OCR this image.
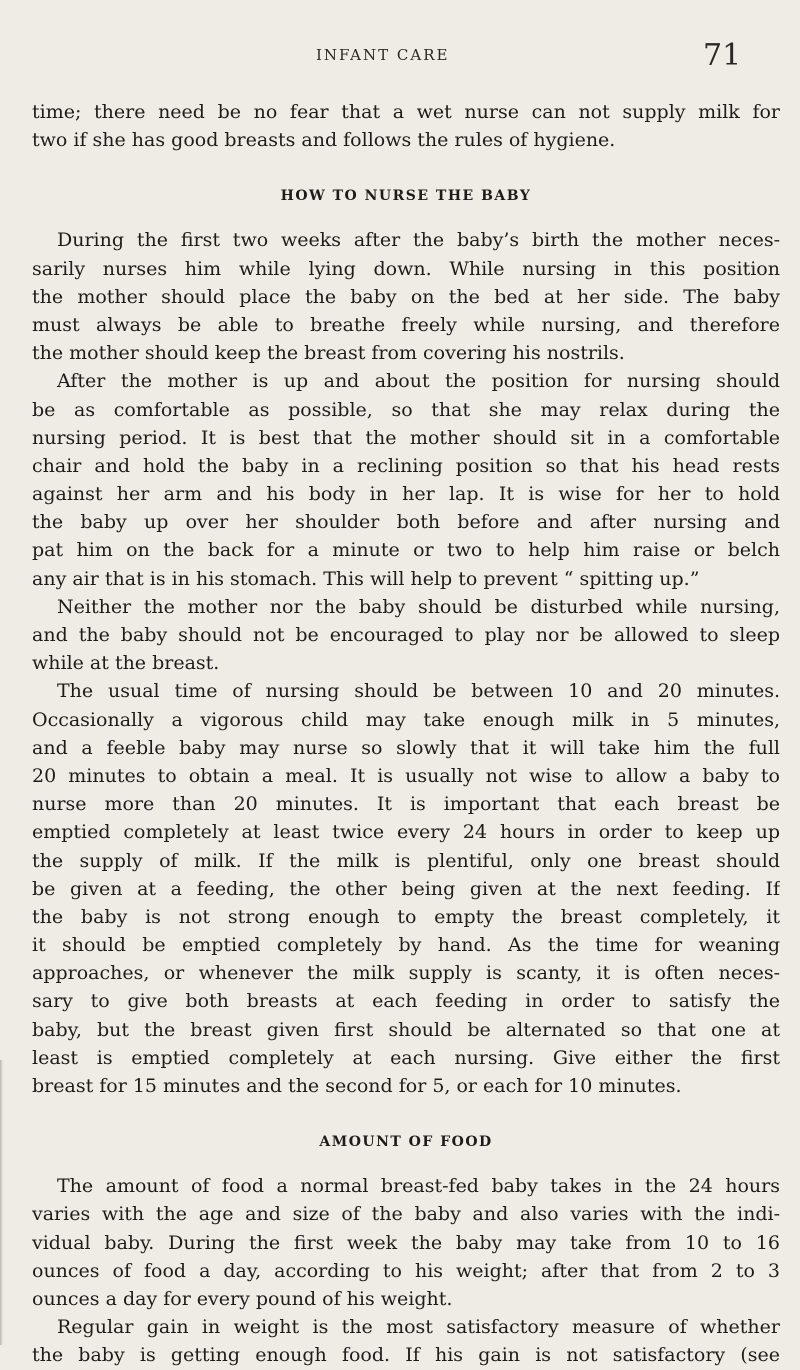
INFANT CARE	71
time; there need be no fear that a wet nurse can not supply milk for
two if she has good breasts and follows the rules of hygiene.
HOW TO NURSE THE BABY
During the first two weeks after the baby’s birth the mother neces-
sarily nurses him while lying down. While nursing in this position
the mother should place the baby on the bed at her side. The baby
must always be able to breathe freely while nursing, and therefore
the mother should keep the breast from covering his nostrils.
After the mother is up and about the position for nursing should
be as comfortable as possible, so that she may relax during the
nursing period. It is best that the mother should sit in a comfortable
chair and hold the baby in a reclining position so that his head rests
against her arm and his body in her lap. It is wise for her to hold
the baby up over her shoulder both before and after nursing and
pat him on the back for a minute or two to help him raise or belch
any air that is in his stomach. This will help to prevent “ spitting up.”
Neither the mother nor the baby should be disturbed while nursing,
and the baby should not be encouraged to play nor be allowed to sleep
while at the breast.
The usual time of nursing should be between 10 and 20 minutes.
Occasionally a vigorous child may take enough milk in 5 minutes,
and a feeble baby may nurse so slowly that it will take him the full
20 minutes to obtain a meal. It is usually not wise to allow a baby to
nurse more than 20 minutes. It is important that each breast be
emptied completely at least twice every 24 hours in order to keep up
the supply of milk. If the milk is plentiful, only one breast should
be given at a feeding, the other being given at the next feeding. If
the baby is not strong enough to empty the breast completely, it
it should be emptied completely by hand. As the time for weaning
approaches, or whenever the milk supply is scanty, it is often neces-
sary to give both breasts at each feeding in order to satisfy the
baby, but the breast given first should be alternated so that one at
least is emptied completely at each nursing. Give either the first
breast for 15 minutes and the second for 5, or each for 10 minutes.
AMOUNT OF FOOD
The amount of food a normal breast-fed baby takes in the 24 hours
varies with the age and size of the baby and also varies with the indi-
vidual baby. During the first week the baby may take from 10 to 16
ounces of food a day, according to his weight; after that from 2 to 3
ounces a day for every pound of his weight.
Regular gain in weight is the most satisfactory measure of whether
the baby is getting enough food. If his gain is not satisfactory (see
